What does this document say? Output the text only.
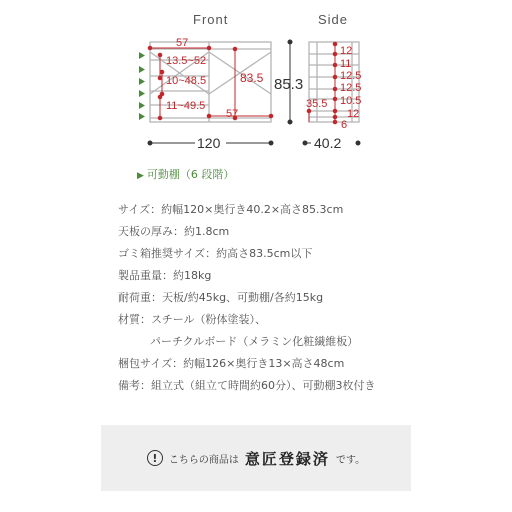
Front	Side
57
13.5~52
10~48.5	83.5
11~49.5
57
85.3
120
12
11
12.5
12.5
10.5
12
6
35.5
40.2
▶ 可動棚（6 段階）
サイズ：約幅120×奥行き40.2×高さ85.3cm
天板の厚み：約1.8cm
ゴミ箱推奨サイズ：約高さ83.5cm以下
製品重量：約18kg
耐荷重：天板/約45kg、可動棚/各約15kg
材質：スチール（粉体塗装）、
パーチクルボード（メラミン化粧繊維板）
梱包サイズ：約幅126×奥行き13×高さ48cm
備考：組立式（組立て時間約60分）、可動棚3枚付き
!	こちらの商品は 意匠登録済 です。
